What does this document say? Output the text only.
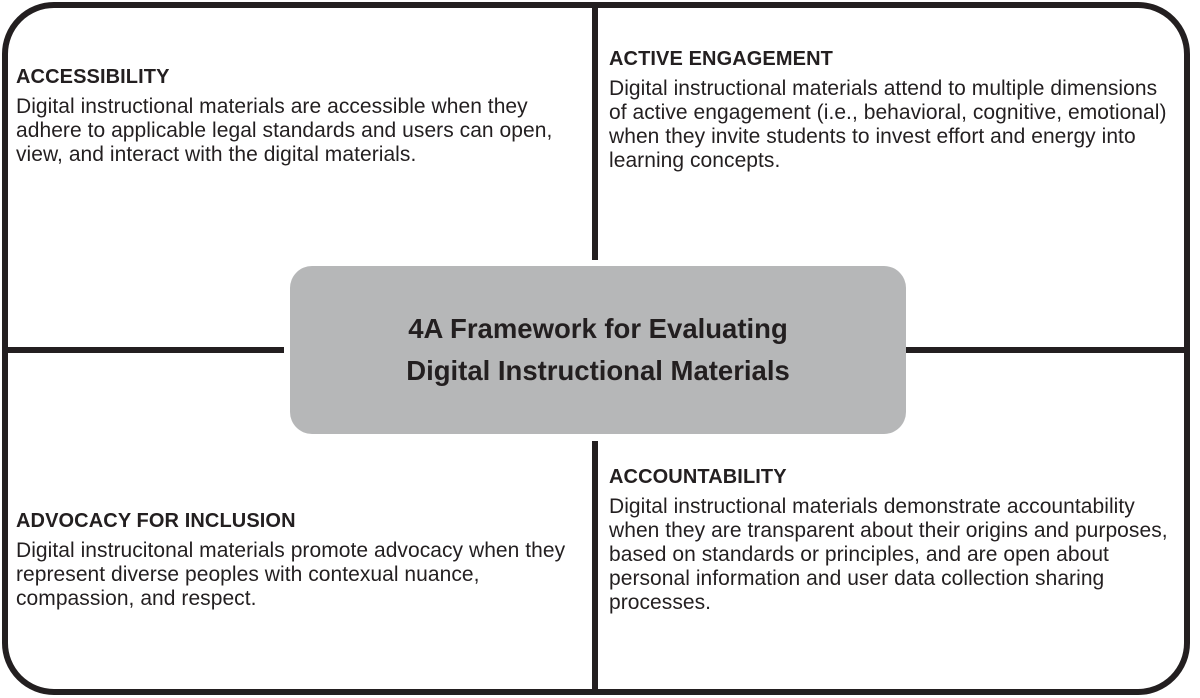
ACCESSIBILITY

Digital instructional materials are accessible when they adhere to applicable legal standards and users can open, view, and interact with the digital materials.

ACTIVE ENGAGEMENT

Digital instructional materials attend to multiple dimensions of active engagement (i.e., behavioral, cognitive, emotional) when they invite students to invest effort and energy into learning concepts.

ADVOCACY FOR INCLUSION

Digital instrucitonal materials promote advocacy when they represent diverse peoples with contexual nuance, compassion, and respect.

ACCOUNTABILITY

Digital instructional materials demonstrate accountability when they are transparent about their origins and purposes, based on standards or principles, and are open about personal information and user data collection sharing processes.

4A Framework for Evaluating
Digital Instructional Materials
